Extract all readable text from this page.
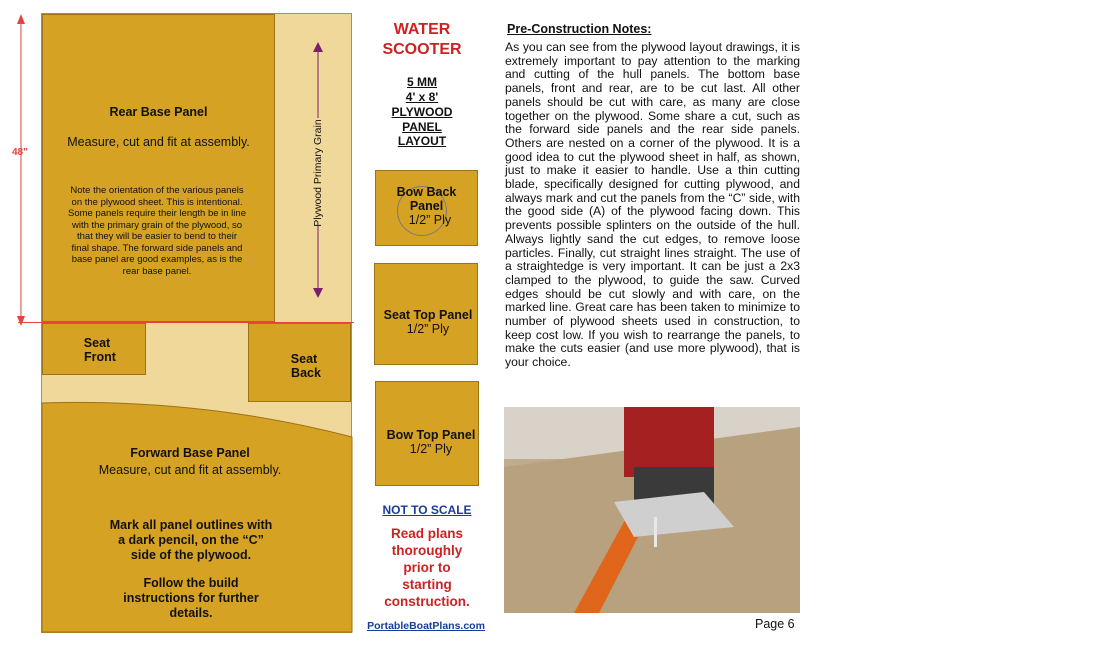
48"
Rear Base Panel
Measure, cut and fit at assembly.
Note the orientation of the various panels on the plywood sheet. This is intentional. Some panels require their length be in line with the primary grain of the plywood, so that they will be easier to bend to their final shape. The forward side panels and base panel are good examples, as is the rear base panel.
Plywood Primary Grain
Seat
Front	Seat
Back
Forward Base Panel
Measure, cut and fit at assembly.
Mark all panel outlines with a dark pencil, on the “C” side of the plywood.
Follow the build instructions for further details.
WATER
SCOOTER
5 MM
4' x 8'
PLYWOOD
PANEL
LAYOUT
Bow Back
Panel
1/2” Ply
Seat Top Panel
1/2” Ply
Bow Top Panel
1/2” Ply
NOT TO SCALE
Read plans
thoroughly
prior to
starting
construction.
PortableBoatPlans.com
Pre-Construction Notes:
As you can see from the plywood layout drawings, it is extremely important to pay attention to the marking and cutting of the hull panels. The bottom base panels, front and rear, are to be cut last. All other panels should be cut with care, as many are close together on the plywood. Some share a cut, such as the forward side panels and the rear side panels. Others are nested on a corner of the plywood. It is a good idea to cut the plywood sheet in half, as shown, just to make it easier to handle. Use a thin cutting blade, specifically designed for cutting plywood, and always mark and cut the panels from the “C” side, with the good side (A) of the plywood facing down. This prevents possible splinters on the outside of the hull. Always lightly sand the cut edges, to remove loose particles. Finally, cut straight lines straight. The use of a straightedge is very important. It can be just a 2x3 clamped to the plywood, to guide the saw. Curved edges should be cut slowly and with care, on the marked line. Great care has been taken to minimize to number of plywood sheets used in construction, to keep cost low. If you wish to rearrange the panels, to make the cuts easier (and use more plywood), that is your choice.
Cutting a straight line is essential
Page 6
